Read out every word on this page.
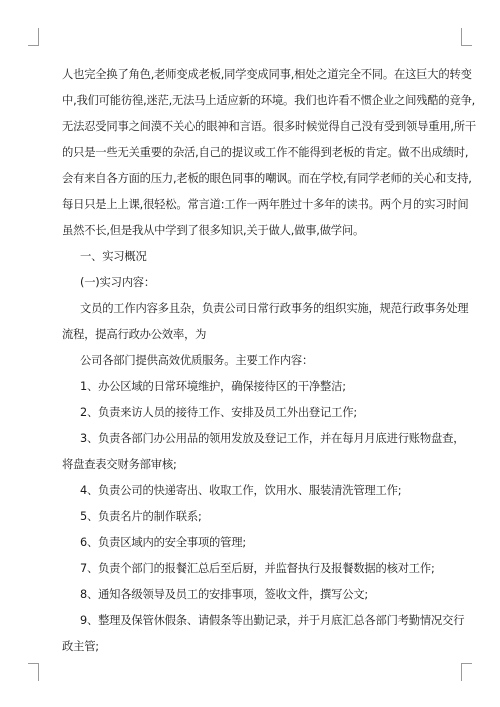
人也完全换了角色,老师变成老板,同学变成同事,相处之道完全不同。在这巨大的转变
中,我们可能彷徨,迷茫,无法马上适应新的环境。我们也许看不惯企业之间残酷的竞争,
无法忍受同事之间漠不关心的眼神和言语。很多时候觉得自己没有受到领导重用,所干
的只是一些无关重要的杂活,自己的提议或工作不能得到老板的肯定。做不出成绩时,
会有来自各方面的压力,老板的眼色同事的嘲讽。而在学校,有同学老师的关心和支持,
每日只是上上课,很轻松。常言道:工作一两年胜过十多年的读书。两个月的实习时间
虽然不长,但是我从中学到了很多知识,关于做人,做事,做学问。
一、实习概况
(一)实习内容：
文员的工作内容多且杂，负责公司日常行政事务的组织实施，规范行政事务处理
流程，提高行政办公效率，为
公司各部门提供高效优质服务。主要工作内容：
1、办公区域的日常环境维护，确保接待区的干净整洁;
2、负责来访人员的接待工作、安排及员工外出登记工作;
3、负责各部门办公用品的领用发放及登记工作，并在每月月底进行账物盘查，
将盘查表交财务部审核;
4、负责公司的快递寄出、收取工作，饮用水、服装清洗管理工作;
5、负责名片的制作联系;
6、负责区域内的安全事项的管理;
7、负责个部门的报餐汇总后至后厨，并监督执行及报餐数据的核对工作;
8、通知各级领导及员工的安排事项，签收文件，撰写公文;
9、整理及保管休假条、请假条等出勤记录，并于月底汇总各部门考勤情况交行
政主管;
